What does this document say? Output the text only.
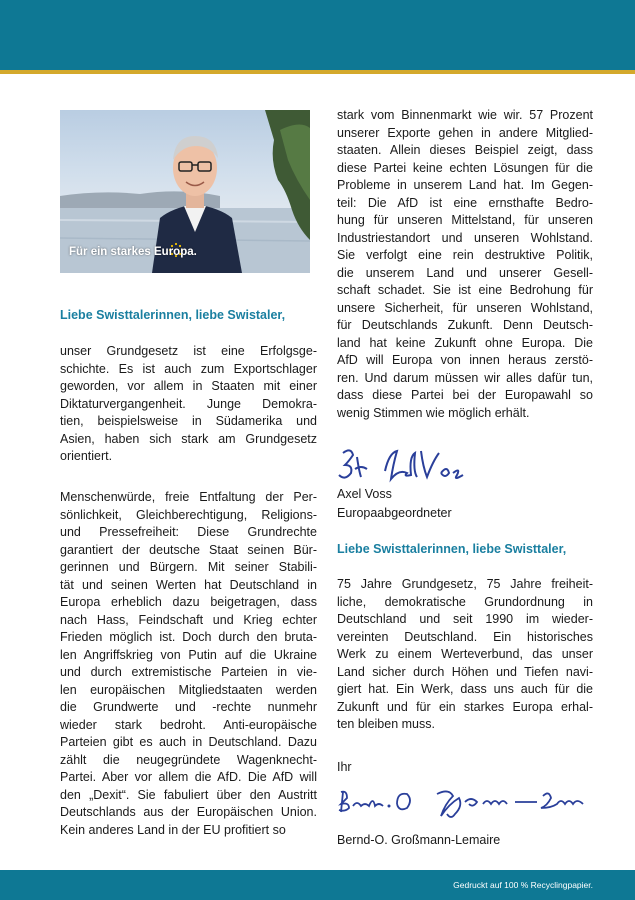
Für ein starkes Europa.
Liebe Swisttalerinnen, liebe Swistaler,
unser Grundgesetz ist eine Erfolgsge-
schichte. Es ist auch zum Exportschlager
geworden, vor allem in Staaten mit einer
Diktaturvergangenheit. Junge Demokra-
tien, beispielsweise in Südamerika und
Asien, haben sich stark am Grundgesetz
orientiert.
Menschenwürde, freie Entfaltung der Per-
sönlichkeit, Gleichberechtigung, Religions-
und Pressefreiheit: Diese Grundrechte
garantiert der deutsche Staat seinen Bür-
gerinnen und Bürgern. Mit seiner Stabili-
tät und seinen Werten hat Deutschland in
Europa erheblich dazu beigetragen, dass
nach Hass, Feindschaft und Krieg echter
Frieden möglich ist. Doch durch den bruta-
len Angriffskrieg von Putin auf die Ukraine
und durch extremistische Parteien in vie-
len europäischen Mitgliedstaaten werden
die Grundwerte und -rechte nunmehr
wieder stark bedroht. Anti-europäische
Parteien gibt es auch in Deutschland. Dazu
zählt die neugegründete Wagenknecht-
Partei. Aber vor allem die AfD. Die AfD will
den „Dexit“. Sie fabuliert über den Austritt
Deutschlands aus der Europäischen Union.
Kein anderes Land in der EU profitiert so
stark vom Binnenmarkt wie wir. 57 Prozent
unserer Exporte gehen in andere Mitglied-
staaten. Allein dieses Beispiel zeigt, dass
diese Partei keine echten Lösungen für die
Probleme in unserem Land hat. Im Gegen-
teil: Die AfD ist eine ernsthafte Bedro-
hung für unseren Mittelstand, für unseren
Industriestandort und unseren Wohlstand.
Sie verfolgt eine rein destruktive Politik,
die unserem Land und unserer Gesell-
schaft schadet. Sie ist eine Bedrohung für
unsere Sicherheit, für unseren Wohlstand,
für Deutschlands Zukunft. Denn Deutsch-
land hat keine Zukunft ohne Europa. Die
AfD will Europa von innen heraus zerstö-
ren. Und darum müssen wir alles dafür tun,
dass diese Partei bei der Europawahl so
wenig Stimmen wie möglich erhält.
Axel Voss
Europaabgeordneter
Liebe Swisttalerinnen, liebe Swisttaler,
75 Jahre Grundgesetz, 75 Jahre freiheit-
liche, demokratische Grundordnung in
Deutschland und seit 1990 im wieder-
vereinten Deutschland. Ein historisches
Werk zu einem Werteverbund, das unser
Land sicher durch Höhen und Tiefen navi-
giert hat. Ein Werk, dass uns auch für die
Zukunft und für ein starkes Europa erhal-
ten bleiben muss.
Ihr
Bernd-O. Großmann-Lemaire
Gedruckt auf 100 % Recyclingpapier.
